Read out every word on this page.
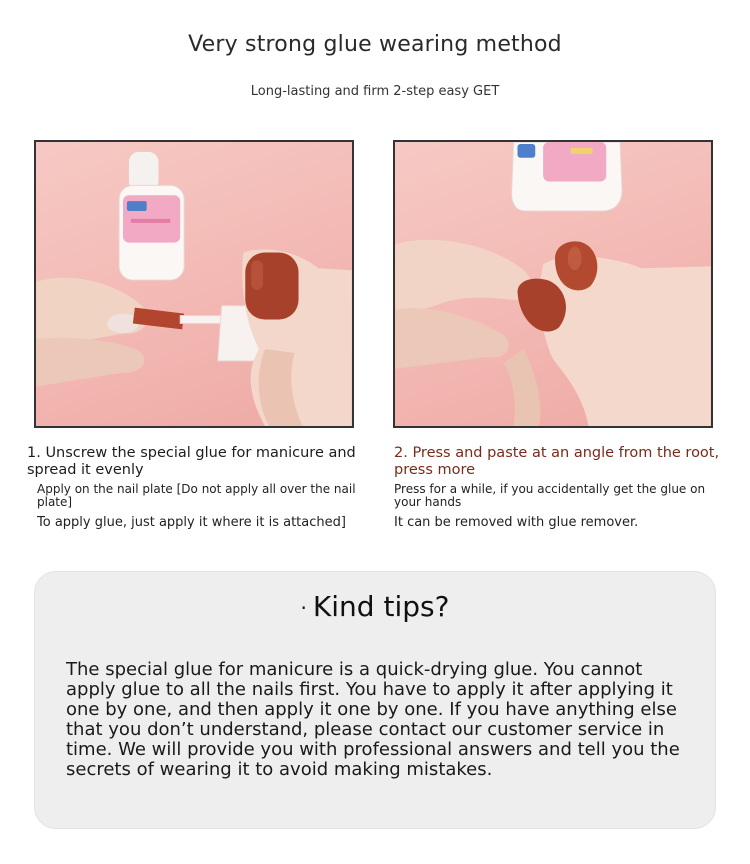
Very strong glue wearing method
Long-lasting and firm 2-step easy GET

1. Unscrew the special glue for manicure and spread it evenly

Apply on the nail plate [Do not apply all over the nail plate]

To apply glue, just apply it where it is attached]

2. Press and paste at an angle from the root, press more

Press for a while, if you accidentally get the glue on your hands

It can be removed with glue remover.

· Kind tips?
The special glue for manicure is a quick-drying glue. You cannot apply glue to all the nails first. You have to apply it after applying it one by one, and then apply it one by one. If you have anything else that you don’t understand, please contact our customer service in time. We will provide you with professional answers and tell you the secrets of wearing it to avoid making mistakes.
